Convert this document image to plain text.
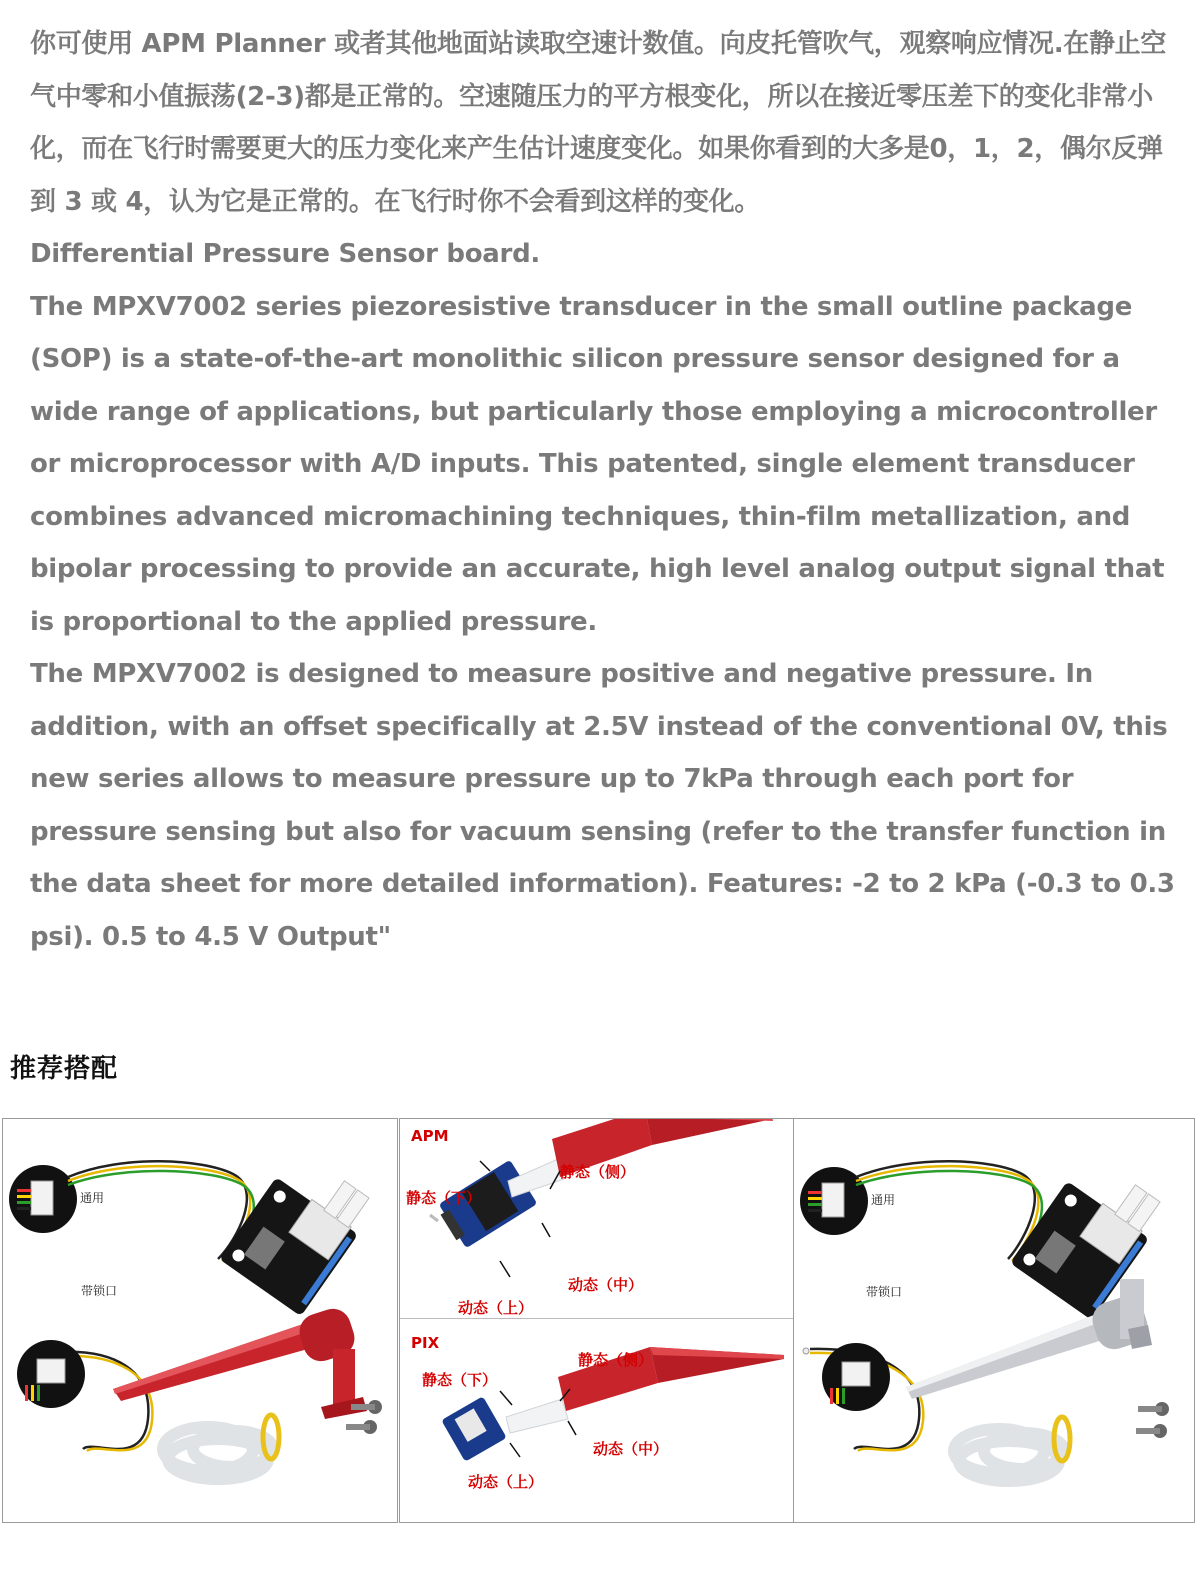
你可使用 APM Planner 或者其他地面站读取空速计数值。向皮托管吹气，观察响应情况.在静止空气中零和小值振荡(2-3)都是正常的。空速随压力的平方根变化，所以在接近零压差下的变化非常小化，而在飞行时需要更大的压力变化来产生估计速度变化。如果你看到的大多是0，1，2，偶尔反弹到 3 或 4，认为它是正常的。在飞行时你不会看到这样的变化。

Differential Pressure Sensor board.

The MPXV7002 series piezoresistive transducer in the small outline package (SOP) is a state-of-the-art monolithic silicon pressure sensor designed for a wide range of applications, but particularly those employing a microcontroller or microprocessor with A/D inputs. This patented, single element transducer combines advanced micromachining techniques, thin-film metallization, and bipolar processing to provide an accurate, high level analog output signal that is proportional to the applied pressure.

The MPXV7002 is designed to measure positive and negative pressure. In addition, with an offset specifically at 2.5V instead of the conventional 0V, this new series allows to measure pressure up to 7kPa through each port for pressure sensing but also for vacuum sensing (refer to the transfer function in the data sheet for more detailed information). Features: -2 to 2 kPa (-0.3 to 0.3 psi). 0.5 to 4.5 V Output"

推荐搭配
通用
带锁口
APM
静态（侧）
静态（下）
动态（中）
动态（上）
PIX
静态（侧）
静态（下）
动态（中）
动态（上）
通用
带锁口
